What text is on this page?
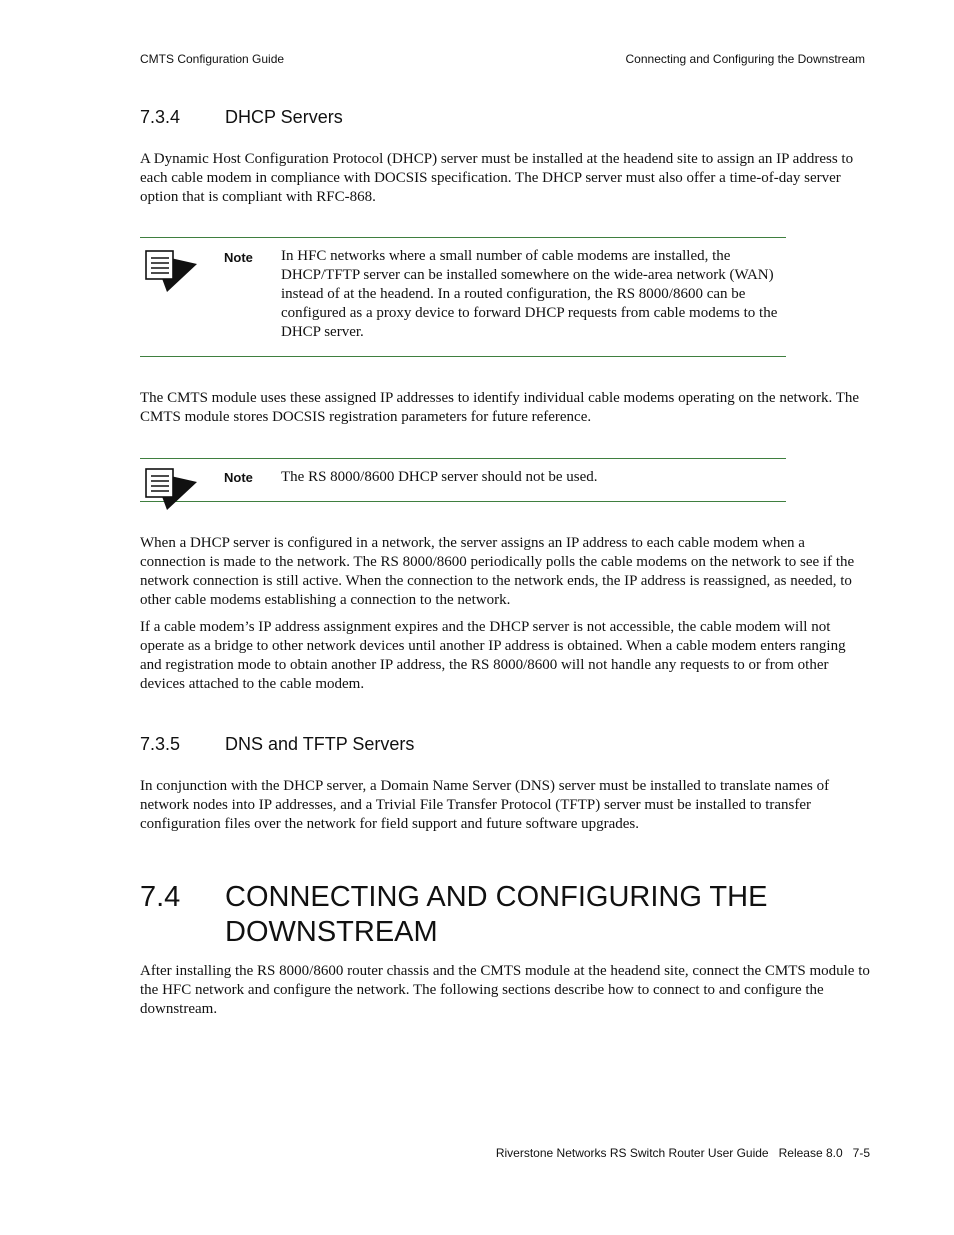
CMTS Configuration Guide	Connecting and Configuring the Downstream
7.3.4	DHCP Servers
A Dynamic Host Configuration Protocol (DHCP) server must be installed at the headend site to assign an IP address to each cable modem in compliance with DOCSIS specification. The DHCP server must also offer a time-of-day server option that is compliant with RFC-868.
Note In HFC networks where a small number of cable modems are installed, the DHCP/TFTP server can be installed somewhere on the wide-area network (WAN) instead of at the headend. In a routed configuration, the RS 8000/8600 can be configured as a proxy device to forward DHCP requests from cable modems to the DHCP server.
The CMTS module uses these assigned IP addresses to identify individual cable modems operating on the network. The CMTS module stores DOCSIS registration parameters for future reference.
Note The RS 8000/8600 DHCP server should not be used.
When a DHCP server is configured in a network, the server assigns an IP address to each cable modem when a connection is made to the network. The RS 8000/8600 periodically polls the cable modems on the network to see if the network connection is still active. When the connection to the network ends, the IP address is reassigned, as needed, to other cable modems establishing a connection to the network.
If a cable modem’s IP address assignment expires and the DHCP server is not accessible, the cable modem will not operate as a bridge to other network devices until another IP address is obtained. When a cable modem enters ranging and registration mode to obtain another IP address, the RS 8000/8600 will not handle any requests to or from other devices attached to the cable modem.
7.3.5	DNS and TFTP Servers
In conjunction with the DHCP server, a Domain Name Server (DNS) server must be installed to translate names of network nodes into IP addresses, and a Trivial File Transfer Protocol (TFTP) server must be installed to transfer configuration files over the network for field support and future software upgrades.
7.4	CONNECTING AND CONFIGURING THE DOWNSTREAM
After installing the RS 8000/8600 router chassis and the CMTS module at the headend site, connect the CMTS module to the HFC network and configure the network. The following sections describe how to connect to and configure the downstream.
Riverstone Networks RS Switch Router User Guide   Release 8.0   7-5
